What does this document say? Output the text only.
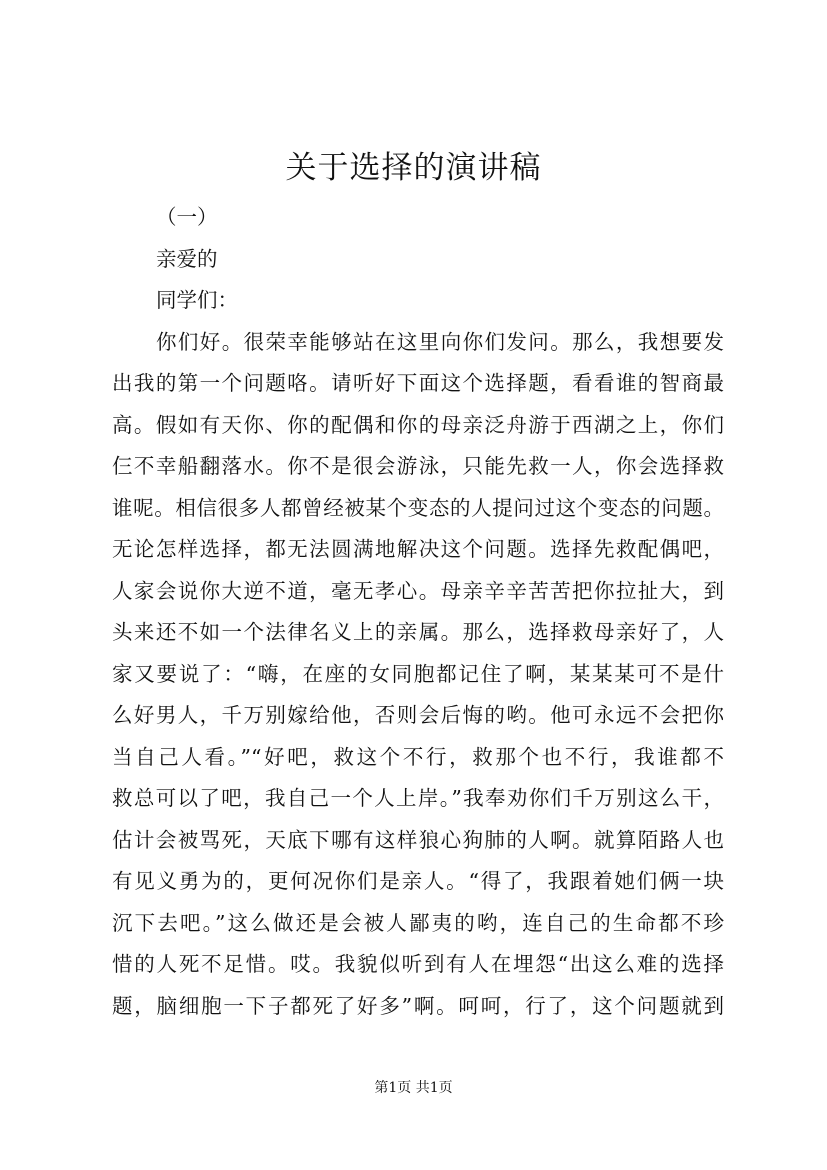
关于选择的演讲稿
（一）
亲爱的
同学们：
你们好。很荣幸能够站在这里向你们发问。那么，我想要发
出我的第一个问题咯。请听好下面这个选择题，看看谁的智商最
高。假如有天你、你的配偶和你的母亲泛舟游于西湖之上，你们
仨不幸船翻落水。你不是很会游泳，只能先救一人，你会选择救
谁呢。相信很多人都曾经被某个变态的人提问过这个变态的问题。
无论怎样选择，都无法圆满地解决这个问题。选择先救配偶吧，
人家会说你大逆不道，毫无孝心。母亲辛辛苦苦把你拉扯大，到
头来还不如一个法律名义上的亲属。那么，选择救母亲好了，人
家又要说了：“嗨，在座的女同胞都记住了啊，某某某可不是什
么好男人，千万别嫁给他，否则会后悔的哟。他可永远不会把你
当自己人看。”“好吧，救这个不行，救那个也不行，我谁都不
救总可以了吧，我自己一个人上岸。”我奉劝你们千万别这么干，
估计会被骂死，天底下哪有这样狼心狗肺的人啊。就算陌路人也
有见义勇为的，更何况你们是亲人。“得了，我跟着她们俩一块
沉下去吧。”这么做还是会被人鄙夷的哟，连自己的生命都不珍
惜的人死不足惜。哎。我貌似听到有人在埋怨“出这么难的选择
题，脑细胞一下子都死了好多”啊。呵呵，行了，这个问题就到
第1页 共1页
